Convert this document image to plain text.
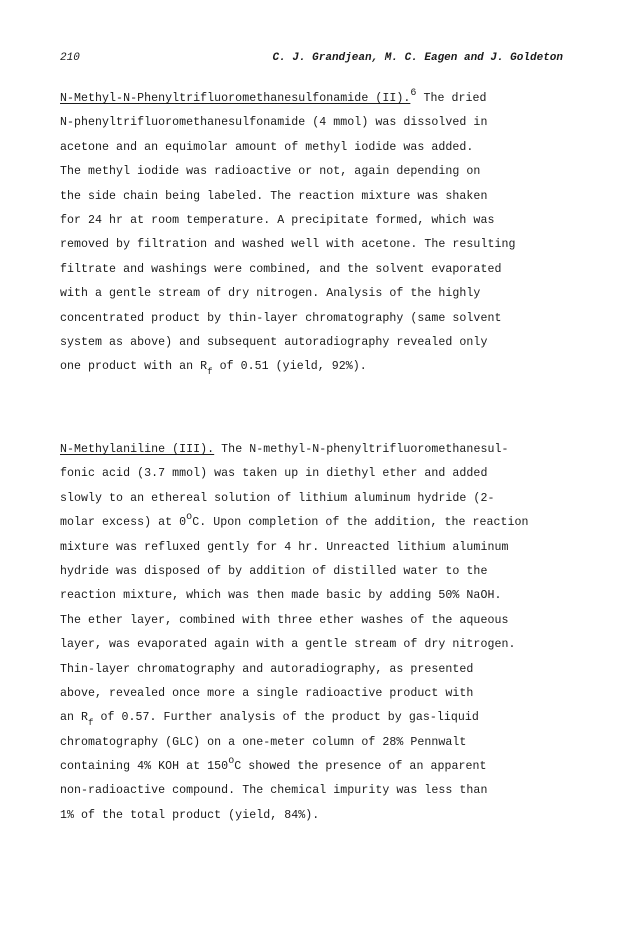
210	C. J. Grandjean, M. C. Eagen and J. Goldeton
N-Methyl-N-Phenyltrifluoromethanesulfonamide (II).$^6$ The dried
N-phenyltrifluoromethanesulfonamide (4 mmol) was dissolved in
acetone and an equimolar amount of methyl iodide was added.
The methyl iodide was radioactive or not, again depending on
the side chain being labeled. The reaction mixture was shaken
for 24 hr at room temperature. A precipitate formed, which was
removed by filtration and washed well with acetone. The resulting
filtrate and washings were combined, and the solvent evaporated
with a gentle stream of dry nitrogen. Analysis of the highly
concentrated product by thin-layer chromatography (same solvent
system as above) and subsequent autoradiography revealed only
one product with an $R_f$ of 0.51 (yield, 92%).
N-Methylaniline (III). The N-methyl-N-phenyltrifluoromethanesul-
fonic acid (3.7 mmol) was taken up in diethyl ether and added
slowly to an ethereal solution of lithium aluminum hydride (2-
molar excess) at 0$^o$C. Upon completion of the addition, the reaction
mixture was refluxed gently for 4 hr. Unreacted lithium aluminum
hydride was disposed of by addition of distilled water to the
reaction mixture, which was then made basic by adding 50% NaOH.
The ether layer, combined with three ether washes of the aqueous
layer, was evaporated again with a gentle stream of dry nitrogen.
Thin-layer chromatography and autoradiography, as presented
above, revealed once more a single radioactive product with
an $R_f$ of 0.57. Further analysis of the product by gas-liquid
chromatography (GLC) on a one-meter column of 28% Pennwalt
containing 4% KOH at 150$^o$C showed the presence of an apparent
non-radioactive compound. The chemical impurity was less than
1% of the total product (yield, 84%).
